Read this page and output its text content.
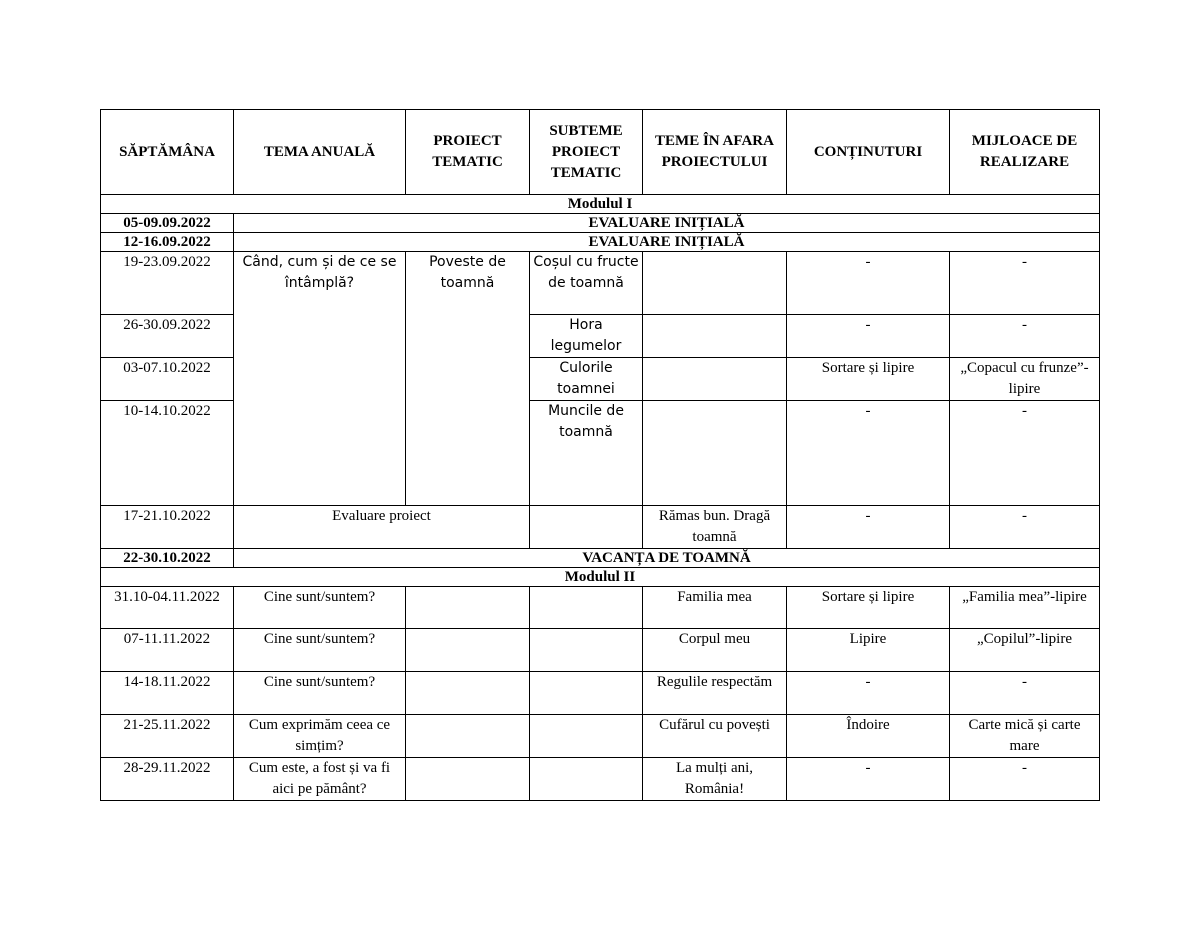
SĂPTĂMÂNA	TEMA ANUALĂ	PROIECT TEMATIC	SUBTEME PROIECT TEMATIC	TEME ÎN AFARA PROIECTULUI	CONȚINUTURI	MIJLOACE DE REALIZARE
Modulul I						
05-09.09.2022	EVALUARE INIȚIALĂ					
12-16.09.2022	EVALUARE INIȚIALĂ					
19-23.09.2022	Când, cum și de ce se întâmplă?	Poveste de toamnă	Coșul cu fructe de toamnă		-	-
26-30.09.2022			Hora legumelor		-	-
03-07.10.2022			Culorile toamnei		Sortare și lipire	„Copacul cu frunze”-lipire
10-14.10.2022			Muncile de toamnă		-	-
17-21.10.2022	Evaluare proiect			Rămas bun. Dragă toamnă	-	-
22-30.10.2022	VACANȚA DE TOAMNĂ					
Modulul II						
31.10-04.11.2022	Cine sunt/suntem?			Familia mea	Sortare și lipire	„Familia mea”-lipire
07-11.11.2022	Cine sunt/suntem?			Corpul meu	Lipire	„Copilul”-lipire
14-18.11.2022	Cine sunt/suntem?			Regulile respectăm	-	-
21-25.11.2022	Cum exprimăm ceea ce simțim?			Cufărul cu povești	Îndoire	Carte mică și carte mare
28-29.11.2022	Cum este, a fost și va fi aici pe pământ?			La mulți ani, România!	-	-
